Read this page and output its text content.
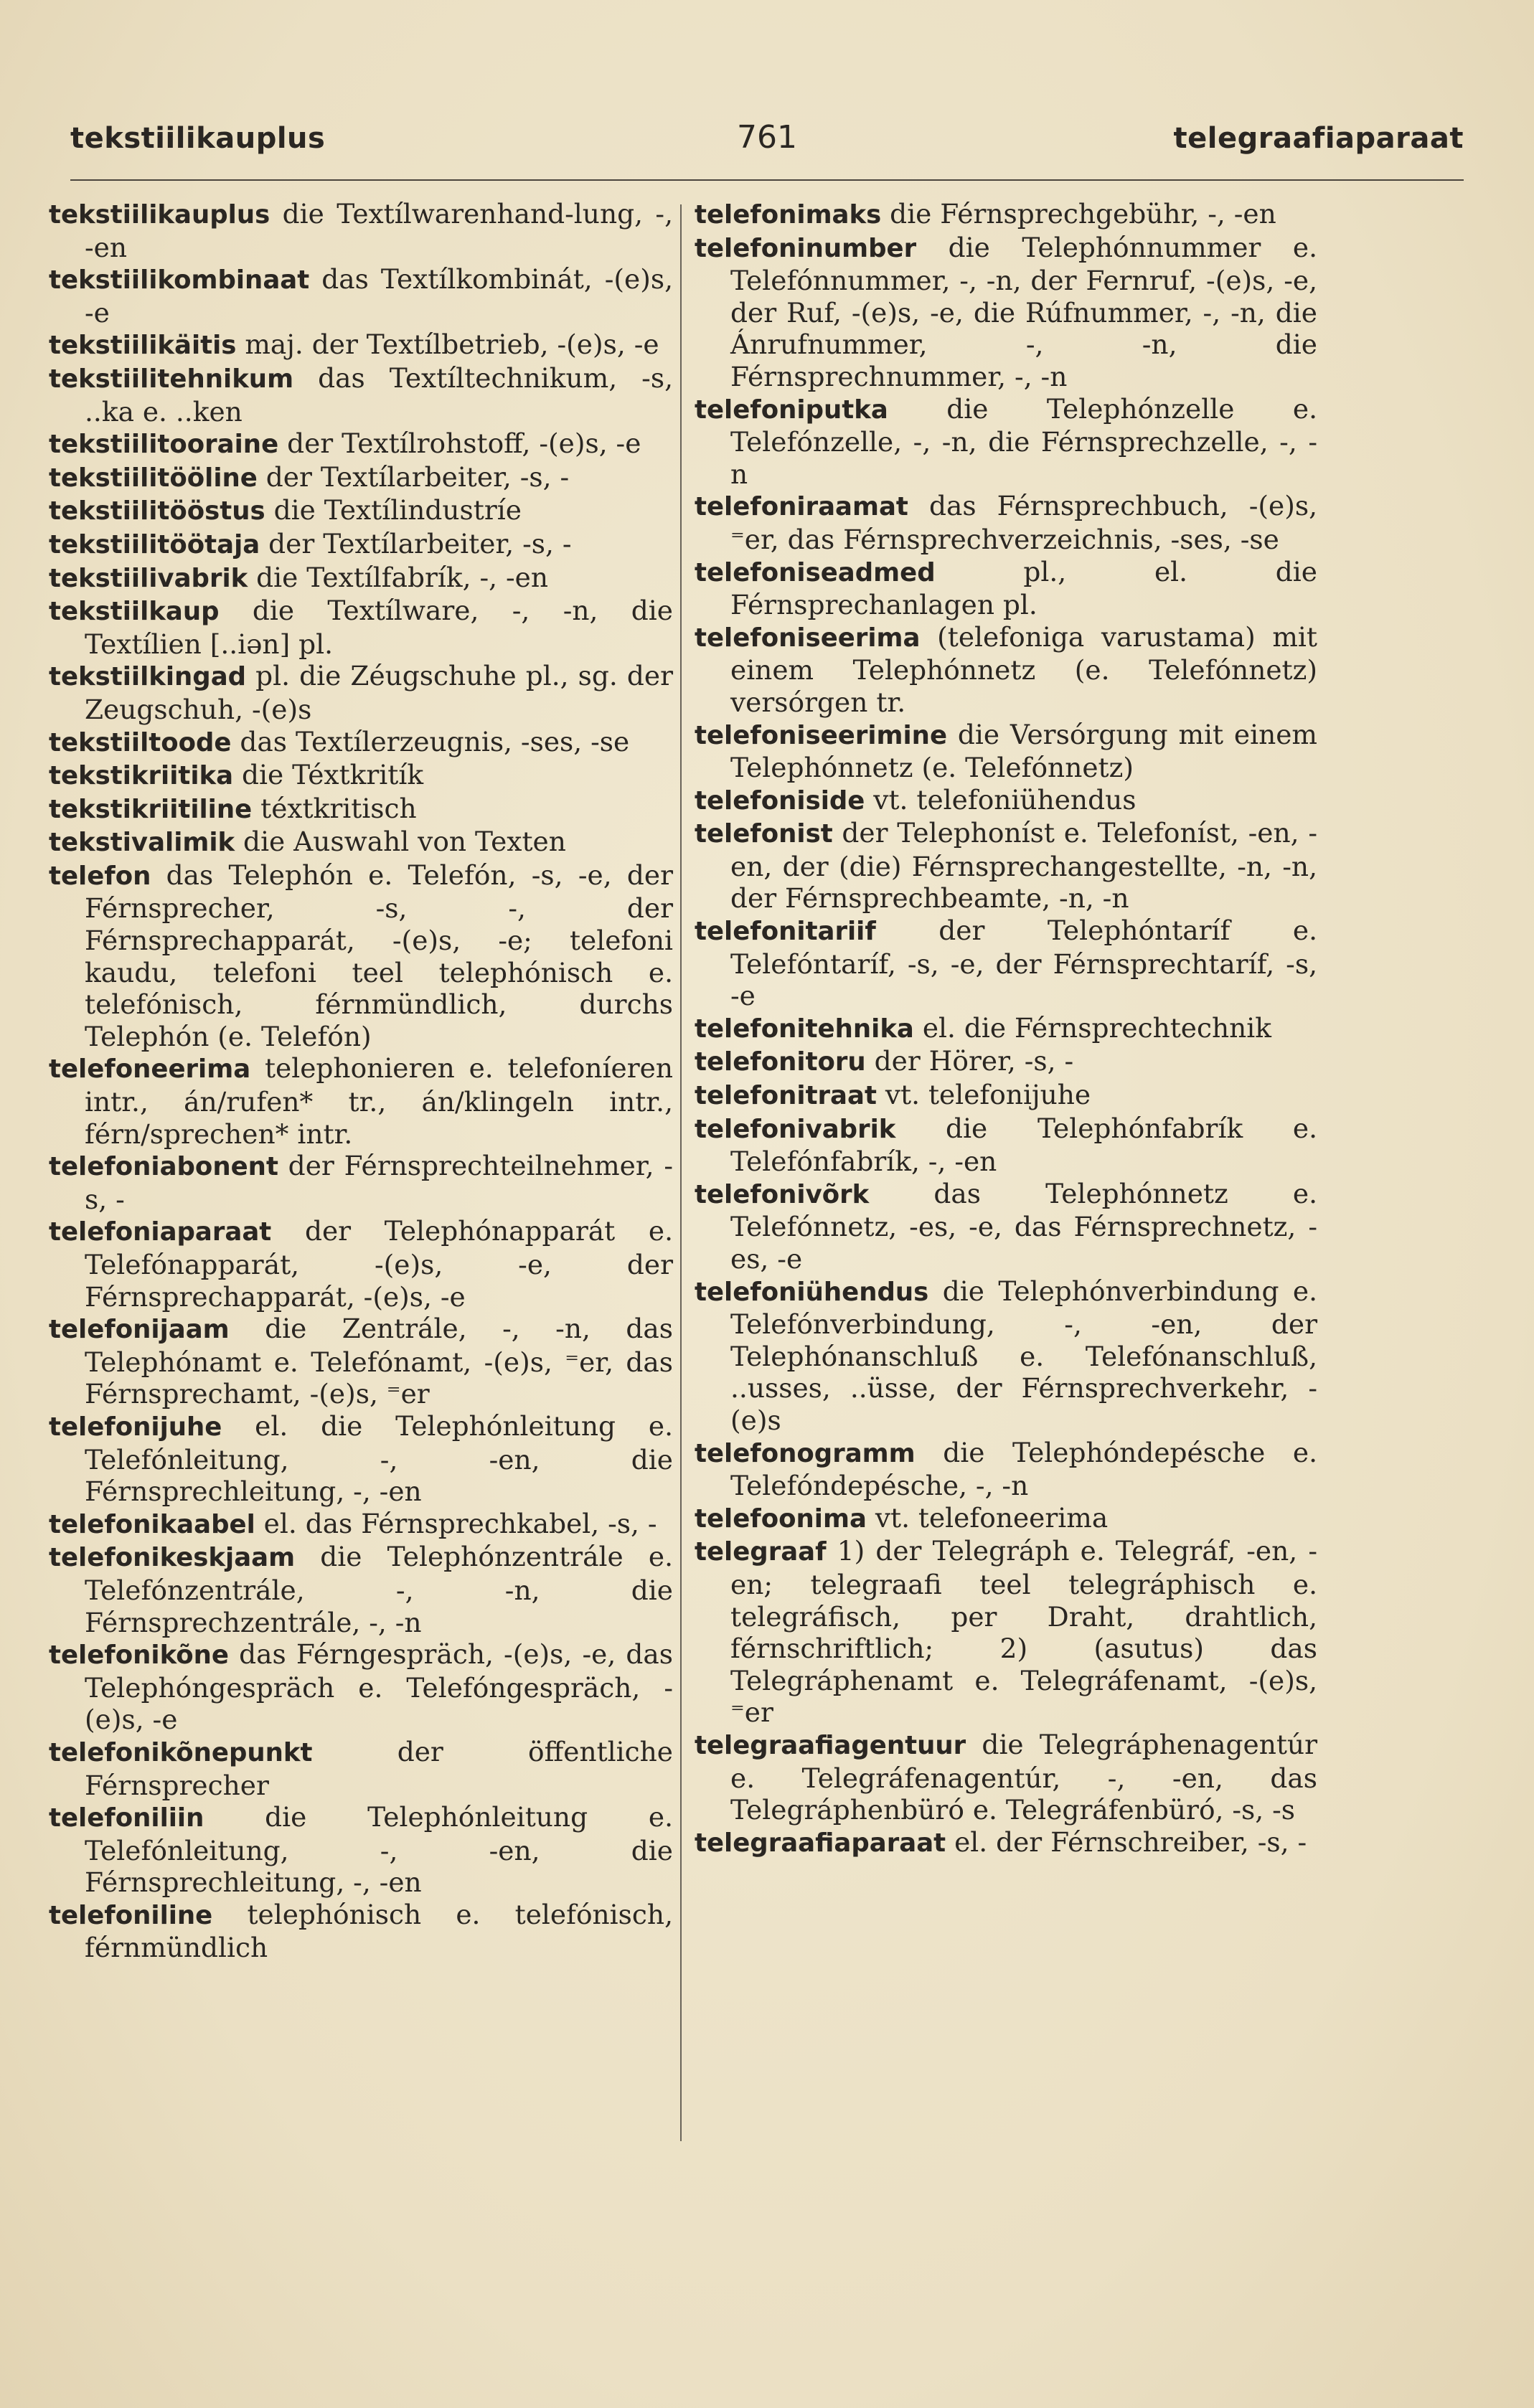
tekstiilikauplus	761	telegraafiaparaat
tekstiilikauplus die Textílwarenhand-lung, -, -en
tekstiilikombinaat das Textílkombinát, -(e)s, -e
tekstiilikäitis maj. der Textílbetrieb, -(e)s, -e
tekstiilitehnikum das Textíltechnikum, -s, ..ka e. ..ken
tekstiilitooraine der Textílrohstoff, -(e)s, -e
tekstiilitööline der Textílarbeiter, -s, -
tekstiilitööstus die Textílindustríe
tekstiilitöötaja der Textílarbeiter, -s, -
tekstiilivabrik die Textílfabrík, -, -en
tekstiilkaup die Textílware, -, -n, die Textílien [..iən] pl.
tekstiilkingad pl. die Zéugschuhe pl., sg. der Zeugschuh, -(e)s
tekstiiltoode das Textílerzeugnis, -ses, -se
tekstikriitika die Téxtkritík
tekstikriitiline téxtkritisch
tekstivalimik die Auswahl von Texten
telefon das Telephón e. Telefón, -s, -e, der Férnsprecher, -s, -, der Férnsprechapparát, -(e)s, -e; telefoni kaudu, telefoni teel telephónisch e. telefónisch, férnmündlich, durchs Telephón (e. Telefón)
telefoneerima telephonieren e. telefoníeren intr., án/rufen* tr., án/klingeln intr., férn/sprechen* intr.
telefoniabonent der Férnsprechteilnehmer, -s, -
telefoniaparaat der Telephónapparát e. Telefónapparát, -(e)s, -e, der Férnsprechapparát, -(e)s, -e
telefonijaam die Zentrále, -, -n, das Telephónamt e. Telefónamt, -(e)s, ⁼er, das Férnsprechamt, -(e)s, ⁼er
telefonijuhe el. die Telephónleitung e. Telefónleitung, -, -en, die Férnsprechleitung, -, -en
telefonikaabel el. das Férnsprechkabel, -s, -
telefonikeskjaam die Telephónzentrále e. Telefónzentrále, -, -n, die Férnsprechzentrále, -, -n
telefonikõne das Férngespräch, -(e)s, -e, das Telephóngespräch e. Telefóngespräch, -(e)s, -e
telefonikõnepunkt der öffentliche Férnsprecher
telefoniliin die Telephónleitung e. Telefónleitung, -, -en, die Férnsprechleitung, -, -en
telefoniline telephónisch e. telefónisch, férnmündlich
telefonimaks die Férnsprechgebühr, -, -en
telefoninumber die Telephónnummer e. Telefónnummer, -, -n, der Fernruf, -(e)s, -e, der Ruf, -(e)s, -e, die Rúfnummer, -, -n, die Ánrufnummer, -, -n, die Férnsprechnummer, -, -n
telefoniputka die Telephónzelle e. Telefónzelle, -, -n, die Férnsprechzelle, -, -n
telefoniraamat das Férnsprechbuch, -(e)s, ⁼er, das Férnsprechverzeichnis, -ses, -se
telefoniseadmed pl., el. die Férnsprechanlagen pl.
telefoniseerima (telefoniga varustama) mit einem Telephónnetz (e. Telefónnetz) versórgen tr.
telefoniseerimine die Versórgung mit einem Telephónnetz (e. Telefónnetz)
telefoniside vt. telefoniühendus
telefonist der Telephoníst e. Telefoníst, -en, -en, der (die) Férnsprechangestellte, -n, -n, der Férnsprechbeamte, -n, -n
telefonitariif der Telephóntaríf e. Telefóntaríf, -s, -e, der Férnsprechtaríf, -s, -e
telefonitehnika el. die Férnsprechtechnik
telefonitoru der Hörer, -s, -
telefonitraat vt. telefonijuhe
telefonivabrik die Telephónfabrík e. Telefónfabrík, -, -en
telefonivõrk das Telephónnetz e. Telefónnetz, -es, -e, das Férnsprechnetz, -es, -e
telefoniühendus die Telephónverbindung e. Telefónverbindung, -, -en, der Telephónanschluß e. Telefónanschluß, ..usses, ..üsse, der Férnsprechverkehr, -(e)s
telefonogramm die Telephóndepésche e. Telefóndepésche, -, -n
telefoonima vt. telefoneerima
telegraaf 1) der Telegráph e. Telegráf, -en, -en; telegraafi teel telegráphisch e. telegráfisch, per Draht, drahtlich, férnschriftlich; 2) (asutus) das Telegráphenamt e. Telegráfenamt, -(e)s, ⁼er
telegraafiagentuur die Telegráphenagentúr e. Telegráfenagentúr, -, -en, das Telegráphenbüró e. Telegráfenbüró, -s, -s
telegraafiaparaat el. der Férnschreiber, -s, -
